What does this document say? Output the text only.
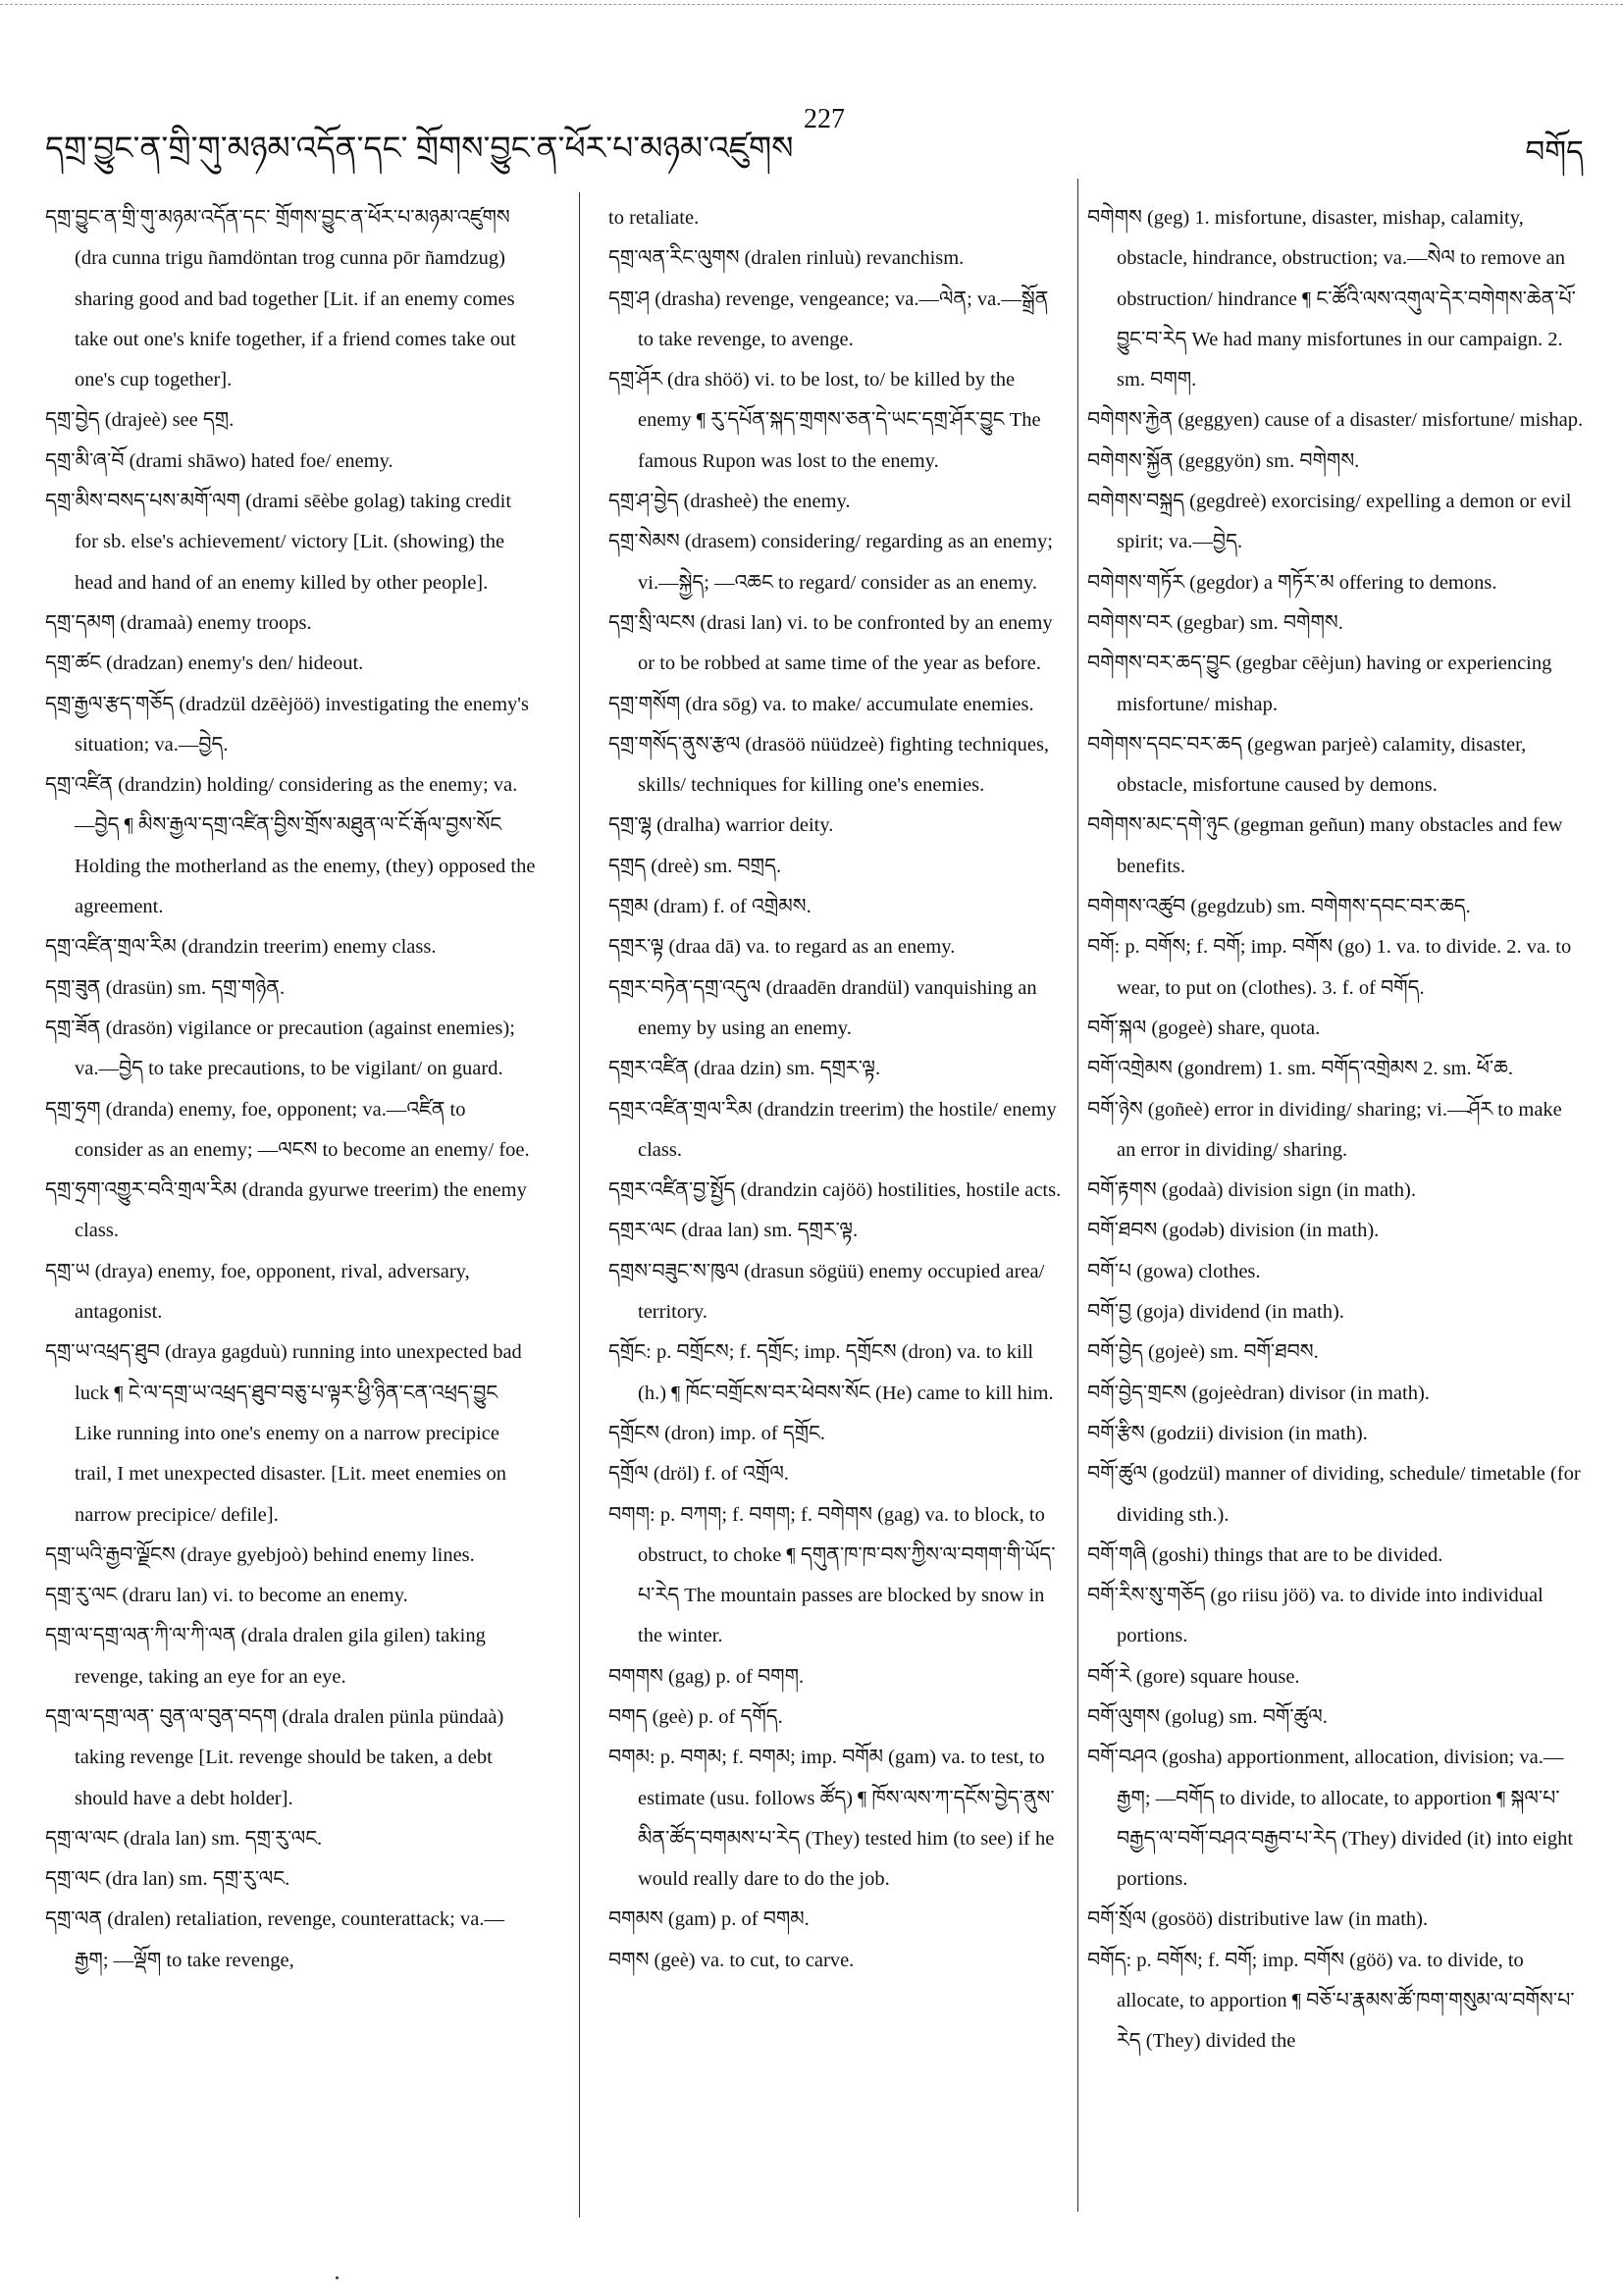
དགྲ་བྱུང་ན་གྲི་གུ་མཉམ་འདོན་དང་ གྲོགས་བྱུང་ན་ཕོར་པ་མཉམ་འཛུགས
227
བགོད

དགྲ་བྱུང་ན་གྲི་གུ་མཉམ་འདོན་དང་ གྲོགས་བྱུང་ན་ཕོར་པ་མཉམ་འཛུགས (dra cunna trigu ñamdöntan trog cunna pōr ñamdzug) sharing good and bad together [Lit. if an enemy comes take out one's knife together, if a friend comes take out one's cup together].

དགྲ་བྱེད (drajeè) see དགྲ.

དགྲ་མི་ཞ་བོ (drami shāwo) hated foe/ enemy.

དགྲ་མིས་བསད་པས་མགོ་ལག (drami sēèbe golag) taking credit for sb. else's achievement/ victory [Lit. (showing) the head and hand of an enemy killed by other people].

དགྲ་དམག (dramaà) enemy troops.

དགྲ་ཚང (dradzan) enemy's den/ hideout.

དགྲ་རྒྱལ་རྩད་གཅོད (dradzül dzēèjöö) investigating the enemy's situation; va.—བྱེད.

དགྲ་འཛིན (drandzin) holding/ considering as the enemy; va.—བྱེད ¶ མིས་རྒྱལ་དགྲ་འཛིན་བྱིས་གྲོས་མཐུན་ལ་ངོ་རྒོལ་བྱས་སོང Holding the motherland as the enemy, (they) opposed the agreement.

དགྲ་འཛིན་གྲལ་རིམ (drandzin treerim) enemy class.

དགྲ་ཟུན (drasün) sm. དགྲ་གཉེན.

དགྲ་ཟོན (drasön) vigilance or precaution (against enemies); va.—བྱེད to take precautions, to be vigilant/ on guard.

དགྲ་ཧྲག (dranda) enemy, foe, opponent; va.—འཛིན to consider as an enemy; —ལངས to become an enemy/ foe.

དགྲ་ཧྲག་འགྱུར་བའི་གྲལ་རིམ (dranda gyurwe treerim) the enemy class.

དགྲ་ཡ (draya) enemy, foe, opponent, rival, adversary, antagonist.

དགྲ་ཡ་འཕྲད་ཐུབ (draya gagduù) running into unexpected bad luck ¶ ངེ་ལ་དགྲ་ཡ་འཕྲད་ཐུབ་བཅུ་པ་ལྟར་ཕྱི་ཉིན་ངན་འཕྲད་བྱུང Like running into one's enemy on a narrow precipice trail, I met unexpected disaster. [Lit. meet enemies on narrow precipice/ defile].

དགྲ་ཡའི་རྒྱབ་ལྗོངས (draye gyebjoò) behind enemy lines.

དགྲ་རུ་ལང (draru lan) vi. to become an enemy.

དགྲ་ལ་དགྲ་ལན་ཀི་ལ་ཀི་ལན (drala dralen gila gilen) taking revenge, taking an eye for an eye.

དགྲ་ལ་དགྲ་ལན་ བུན་ལ་བུན་བདག (drala dralen pünla pündaà) taking revenge [Lit. revenge should be taken, a debt should have a debt holder].

དགྲ་ལ་ལང (drala lan) sm. དགྲ་རུ་ལང.

དགྲ་ལང (dra lan) sm. དགྲ་རུ་ལང.

དགྲ་ལན (dralen) retaliation, revenge, counterattack; va.—རྒྱག; —ལྡོག to take revenge,

to retaliate.

དགྲ་ལན་རིང་ལུགས (dralen rinluù) revanchism.

དགྲ་ཤ (drasha) revenge, vengeance; va.—ལེན; va.—སྒྲོན to take revenge, to avenge.

དགྲ་ཤོར (dra shöö) vi. to be lost, to/ be killed by the enemy ¶ རུ་དཔོན་སྐད་གྲགས་ཅན་དེ་ཡང་དགྲ་ཤོར་བྱུང The famous Rupon was lost to the enemy.

དགྲ་ཤ་བྱེད (drasheè) the enemy.

དགྲ་སེམས (drasem) considering/ regarding as an enemy; vi.—སྐྱེད; —འཆང to regard/ consider as an enemy.

དགྲ་སྲི་ལངས (drasi lan) vi. to be confronted by an enemy or to be robbed at same time of the year as before.

དགྲ་གསོག (dra sōg) va. to make/ accumulate enemies.

དགྲ་གསོད་ནུས་རྩལ (drasöö nüüdzeè) fighting techniques, skills/ techniques for killing one's enemies.

དགྲ་ལྷ (dralha) warrior deity.

དགྲད (dreè) sm. བགྲད.

དགྲམ (dram) f. of འགྲེམས.

དགྲར་ལྟ (draa dā) va. to regard as an enemy.

དགྲར་བཏེན་དགྲ་འདུལ (draadēn drandül) vanquishing an enemy by using an enemy.

དགྲར་འཛིན (draa dzin) sm. དགྲར་ལྟ.

དགྲར་འཛིན་གྲལ་རིམ (drandzin treerim) the hostile/ enemy class.

དགྲར་འཛིན་བྱ་སྤྱོད (drandzin cajöö) hostilities, hostile acts.

དགྲར་ལང (draa lan) sm. དགྲར་ལྟ.

དགྲས་བཟུང་ས་ཁུལ (drasun sögüü) enemy occupied area/ territory.

དགྲོང: p. བགྲོངས; f. དགྲོང; imp. དགྲོངས (dron) va. to kill (h.) ¶ ཁོང་བགྲོངས་བར་ཕེབས་སོང (He) came to kill him.

དགྲོངས (dron) imp. of དགྲོང.

དགྲོལ (dröl) f. of འགྲོལ.

བགག: p. བཀག; f. བགག; f. བགེགས (gag) va. to block, to obstruct, to choke ¶ དགུན་ཁ་ཁ་བས་ཀྱིས་ལ་བགག་གི་ཡོད་པ་རེད The mountain passes are blocked by snow in the winter.

བགགས (gag) p. of བགག.

བགད (geè) p. of དགོད.

བགམ: p. བགམ; f. བགམ; imp. བགོམ (gam) va. to test, to estimate (usu. follows ཚོད) ¶ ཁོས་ལས་ཀ་དངོས་བྱེད་ནུས་མིན་ཚོད་བགམས་པ་རེད (They) tested him (to see) if he would really dare to do the job.

བགམས (gam) p. of བགམ.

བགས (geè) va. to cut, to carve.

བགེགས (geg) 1. misfortune, disaster, mishap, calamity, obstacle, hindrance, obstruction; va.—སེལ to remove an obstruction/ hindrance ¶ ང་ཚོའི་ལས་འགུལ་དེར་བགེགས་ཆེན་པོ་བྱུང་བ་རེད We had many misfortunes in our campaign. 2. sm. བགག.

བགེགས་རྐྱེན (geggyen) cause of a disaster/ misfortune/ mishap.

བགེགས་སྐྱོན (geggyön) sm. བགེགས.

བགེགས་བསྐྲད (gegdreè) exorcising/ expelling a demon or evil spirit; va.—བྱེད.

བགེགས་གཏོར (gegdor) a གཏོར་མ offering to demons.

བགེགས་བར (gegbar) sm. བགེགས.

བགེགས་བར་ཆད་བྱུང (gegbar cēèjun) having or experiencing misfortune/ mishap.

བགེགས་དབང་བར་ཆད (gegwan parjeè) calamity, disaster, obstacle, misfortune caused by demons.

བགེགས་མང་དགེ་ཉུང (gegman geñun) many obstacles and few benefits.

བགེགས་འཚུབ (gegdzub) sm. བགེགས་དབང་བར་ཆད.

བགོ: p. བགོས; f. བགོ; imp. བགོས (go) 1. va. to divide. 2. va. to wear, to put on (clothes). 3. f. of བགོད.

བགོ་སྐལ (gogeè) share, quota.

བགོ་འགྲེམས (gondrem) 1. sm. བགོད་འགྲེམས 2. sm. ཕོ་ཆ.

བགོ་ཉེས (goñeè) error in dividing/ sharing; vi.—ཤོར to make an error in dividing/ sharing.

བགོ་རྟགས (godaà) division sign (in math).

བགོ་ཐབས (godəb) division (in math).

བགོ་པ (gowa) clothes.

བགོ་བྱ (goja) dividend (in math).

བགོ་བྱེད (gojeè) sm. བགོ་ཐབས.

བགོ་བྱེད་གྲངས (gojeèdran) divisor (in math).

བགོ་རྩིས (godzii) division (in math).

བགོ་ཚུལ (godzül) manner of dividing, schedule/ timetable (for dividing sth.).

བགོ་གཞི (goshi) things that are to be divided.

བགོ་རིས་སུ་གཅོད (go riisu jöö) va. to divide into individual portions.

བགོ་རེ (gore) square house.

བགོ་ལུགས (golug) sm. བགོ་ཚུལ.

བགོ་བཤའ (gosha) apportionment, allocation, division; va.—རྒྱག; —བགོད to divide, to allocate, to apportion ¶ སྐལ་པ་བརྒྱད་ལ་བགོ་བཤའ་བརྒྱབ་པ་རེད (They) divided (it) into eight portions.

བགོ་སྲོལ (gosöö) distributive law (in math).

བགོད: p. བགོས; f. བགོ; imp. བགོས (göö) va. to divide, to allocate, to apportion ¶ བཅོ་པ་རྣམས་ཚོ་ཁག་གསུམ་ལ་བགོས་པ་རེད (They) divided the
